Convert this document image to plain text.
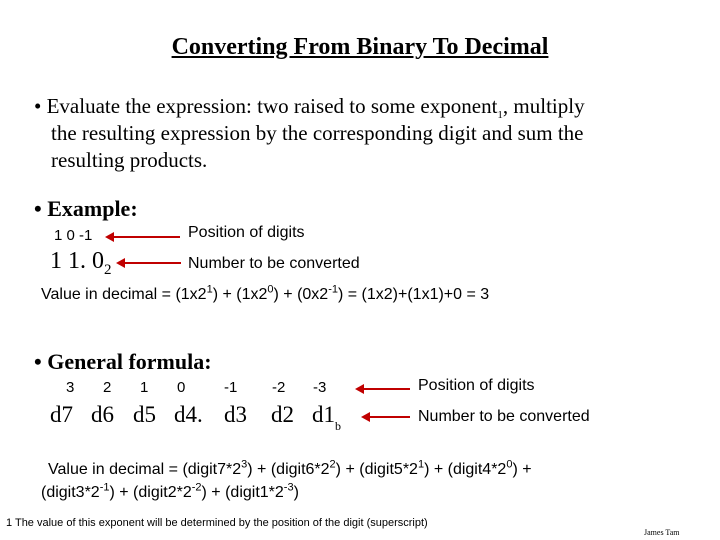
Converting From Binary To Decimal
• Evaluate the expression: two raised to some exponent$_1$, multiply
the resulting expression by the corresponding digit and sum the
resulting products.
• Example:
1 0 -1
1 1. $0_2$
Position of digits
Number to be converted
Value in decimal = $(1x2^1) + (1x2^0) + (0x2^{-1}) = (1x2)+(1x1)+0 = 3$
• General formula:
3 2 1 0	-1 -2 -3
d7 d6 d5 d4. d3 d2 $d1_b$
Position of digits
Number to be converted
Value in decimal = $(digit7*2^3)$ + $(digit6*2^2)$ + $(digit5*2^1)$ + $(digit4*2^0)$ +
$(digit3*2^{-1})$ + $(digit2*2^{-2})$ + $(digit1*2^{-3})$
1 The value of this exponent will be determined by the position of the digit (superscript)
James Tam
